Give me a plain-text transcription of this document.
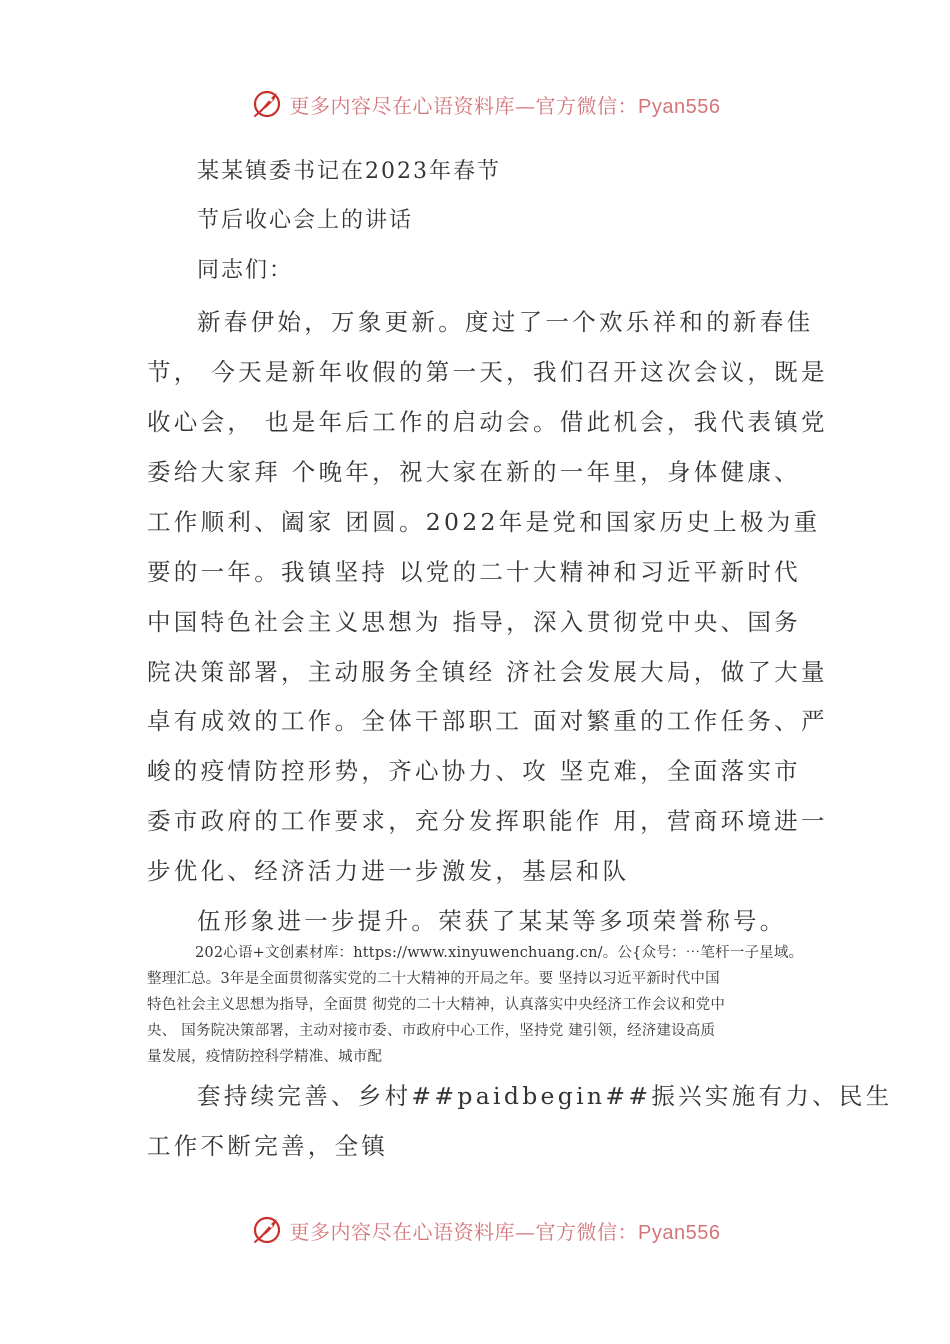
更多内容尽在心语资料库—官方微信：Pyan556
某某镇委书记在2023年春节
节后收心会上的讲话
同志们：
新春伊始，万象更新。度过了一个欢乐祥和的新春佳
节， 今天是新年收假的第一天，我们召开这次会议，既是
收心会， 也是年后工作的启动会。借此机会，我代表镇党
委给大家拜 个晚年，祝大家在新的一年里，身体健康、
工作顺利、阖家 团圆。2022年是党和国家历史上极为重
要的一年。我镇坚持 以党的二十大精神和习近平新时代
中国特色社会主义思想为 指导，深入贯彻党中央、国务
院决策部署，主动服务全镇经 济社会发展大局，做了大量
卓有成效的工作。全体干部职工 面对繁重的工作任务、严
峻的疫情防控形势，齐心协力、攻 坚克难，全面落实市
委市政府的工作要求，充分发挥职能作 用，营商环境进一
步优化、经济活力进一步激发，基层和队
伍形象进一步提升。荣获了某某等多项荣誉称号。
202心语+文创素材库：https://www.xinyuwenchuang.cn/。公{众号：⋯笔杆一子星域。
整理汇总。3年是全面贯彻落实党的二十大精神的开局之年。要 坚持以习近平新时代中国
特色社会主义思想为指导，全面贯 彻党的二十大精神，认真落实中央经济工作会议和党中
央、 国务院决策部署，主动对接市委、市政府中心工作，坚持党 建引领，经济建设高质
量发展，疫情防控科学精准、城市配
套持续完善、乡村##paidbegin##振兴实施有力、民生
工作不断完善，全镇
更多内容尽在心语资料库—官方微信：Pyan556
